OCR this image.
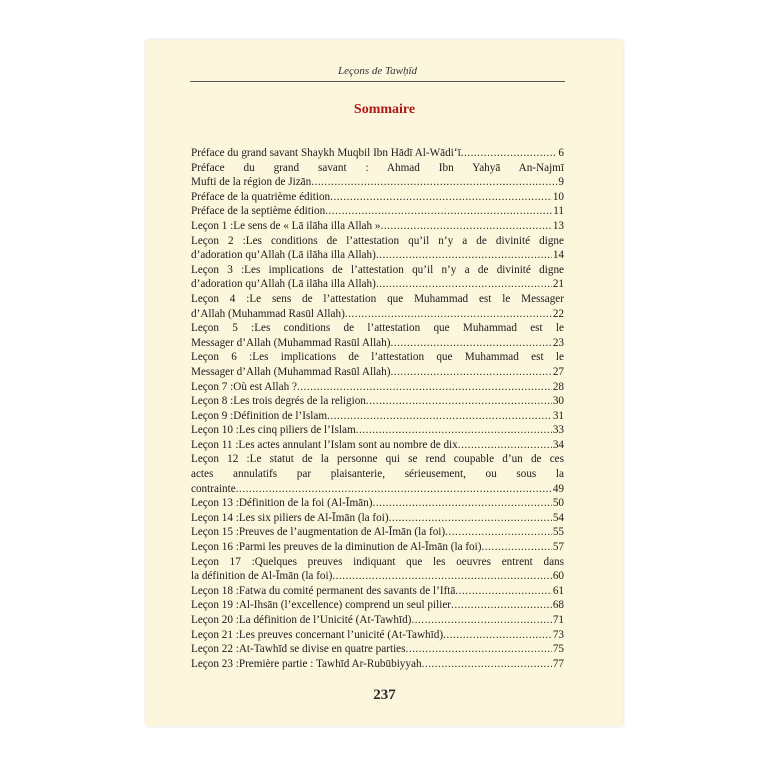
Leçons de Tawḥīd
Sommaire
Préface du grand savant Shaykh Muqbil Ibn Hādī Al-Wādi‘ī .....	6
Préface du grand savant : Ahmad Ibn Yahyā An-Najmī
Mufti de la région de Jizān .....	9
Préface de la quatrième édition .....	10
Préface de la septième édition .....	11
Leçon 1 :Le sens de « Lā ilāha illa Allah » .....	13
Leçon 2 :Les conditions de l’attestation qu’il n’y a de divinité digne
d’adoration qu’Allah (Lā ilāha illa Allah) .....	14
Leçon 3 :Les implications de l’attestation qu’il n’y a de divinité digne
d’adoration qu’Allah (Lā ilāha illa Allah) .....	21
Leçon 4 :Le sens de l’attestation que Muhammad est le Messager
d’Allah (Muhammad Rasūl Allah) .....	22
Leçon 5 :Les conditions de l’attestation que Muhammad est le
Messager d’Allah (Muhammad Rasūl Allah) .....	23
Leçon 6 :Les implications de l’attestation que Muhammad est le
Messager d’Allah (Muhammad Rasūl Allah) .....	27
Leçon 7 :Où est Allah ? .....	28
Leçon 8 :Les trois degrés de la religion .....	30
Leçon 9 :Définition de l’Islam .....	31
Leçon 10 :Les cinq piliers de l’Islam .....	33
Leçon 11 :Les actes annulant l’Islam sont au nombre de dix .....	34
Leçon 12 :Le statut de la personne qui se rend coupable d’un de ces
actes annulatifs par plaisanterie, sérieusement, ou sous la
contrainte .....	49
Leçon 13 :Définition de la foi (Al-Īmān) .....	50
Leçon 14 :Les six piliers de Al-Īmān (la foi) .....	54
Leçon 15 :Preuves de l’augmentation de Al-Īmān (la foi) .....	55
Leçon 16 :Parmi les preuves de la diminution de Al-Īmān (la foi) .....	57
Leçon 17 :Quelques preuves indiquant que les oeuvres entrent dans
la définition de Al-Īmān (la foi) .....	60
Leçon 18 :Fatwa du comité permanent des savants de l’Iftā .....	61
Leçon 19 :Al-Ihsān (l’excellence) comprend un seul pilier .....	68
Leçon 20 :La définition de l’Unicité (At-Tawhīd) .....	71
Leçon 21 :Les preuves concernant l’unicité (At-Tawhīd) .....	73
Leçon 22 :At-Tawhīd se divise en quatre parties .....	75
Leçon 23 :Première partie : Tawhīd Ar-Rubūbiyyah .....	77
237
